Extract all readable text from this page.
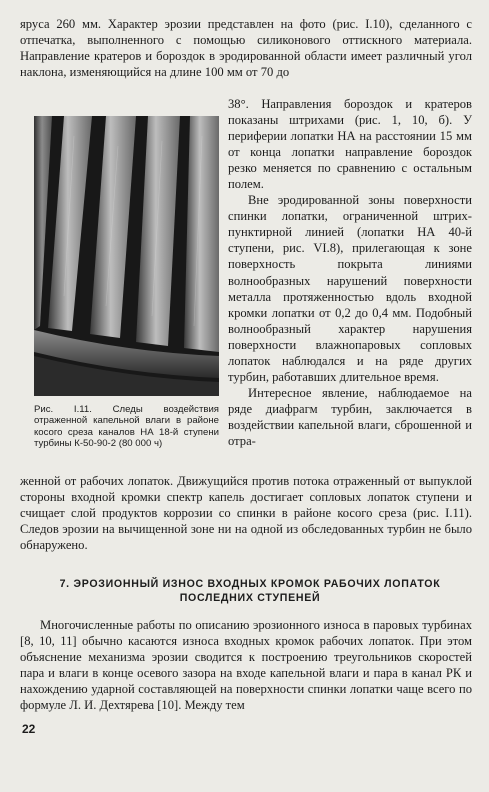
яруса 260 мм. Характер эрозии представлен на фото (рис. I.10), сделанного с отпечатка, выполненного с помощью силиконового оттискного материала. Направление кратеров и бороздок в эродированной области имеет различный угол наклона, изменяющийся на длине 100 мм от 70 до

Рис. I.11. Следы воздействия отраженной капельной влаги в районе косого среза каналов НА 18-й ступени турбины К-50-90-2 (80 000 ч)

38°. Направления бороздок и кратеров показаны штрихами (рис. 1, 10, б). У периферии лопатки НА на расстоянии 15 мм от конца лопатки направление бороздок резко меняется по сравнению с остальным полем.

Вне эродированной зоны поверхности спинки лопатки, ограниченной штрих-пунктирной линией (лопатки НА 40-й ступени, рис. VI.8), прилегающая к зоне поверхность покрыта линиями волнообразных нарушений поверхности металла протяженностью вдоль входной кромки лопатки от 0,2 до 0,4 мм. Подобный волнообразный характер нарушения поверхности влажнопаровых сопловых лопаток наблюдался и на ряде других турбин, работавших длительное время.

Интересное явление, наблюдаемое на ряде диафрагм турбин, заключается в воздействии капельной влаги, сброшенной и отра-

женной от рабочих лопаток. Движущийся против потока отраженный от выпуклой стороны входной кромки спектр капель достигает сопловых лопаток ступени и счищает слой продуктов коррозии со спинки в районе косого среза (рис. I.11). Следов эрозии на вычищенной зоне ни на одной из обследованных турбин не было обнаружено.

7. ЭРОЗИОННЫЙ ИЗНОС ВХОДНЫХ КРОМОК РАБОЧИХ ЛОПАТОК ПОСЛЕДНИХ СТУПЕНЕЙ

Многочисленные работы по описанию эрозионного износа в паровых турбинах [8, 10, 11] обычно касаются износа входных кромок рабочих лопаток. При этом объяснение механизма эрозии сводится к построению треугольников скоростей пара и влаги в конце осевого зазора на входе капельной влаги и пара в канал РК и нахождению ударной составляющей на поверхности спинки лопатки чаще всего по формуле Л. И. Дехтярева [10]. Между тем

22
